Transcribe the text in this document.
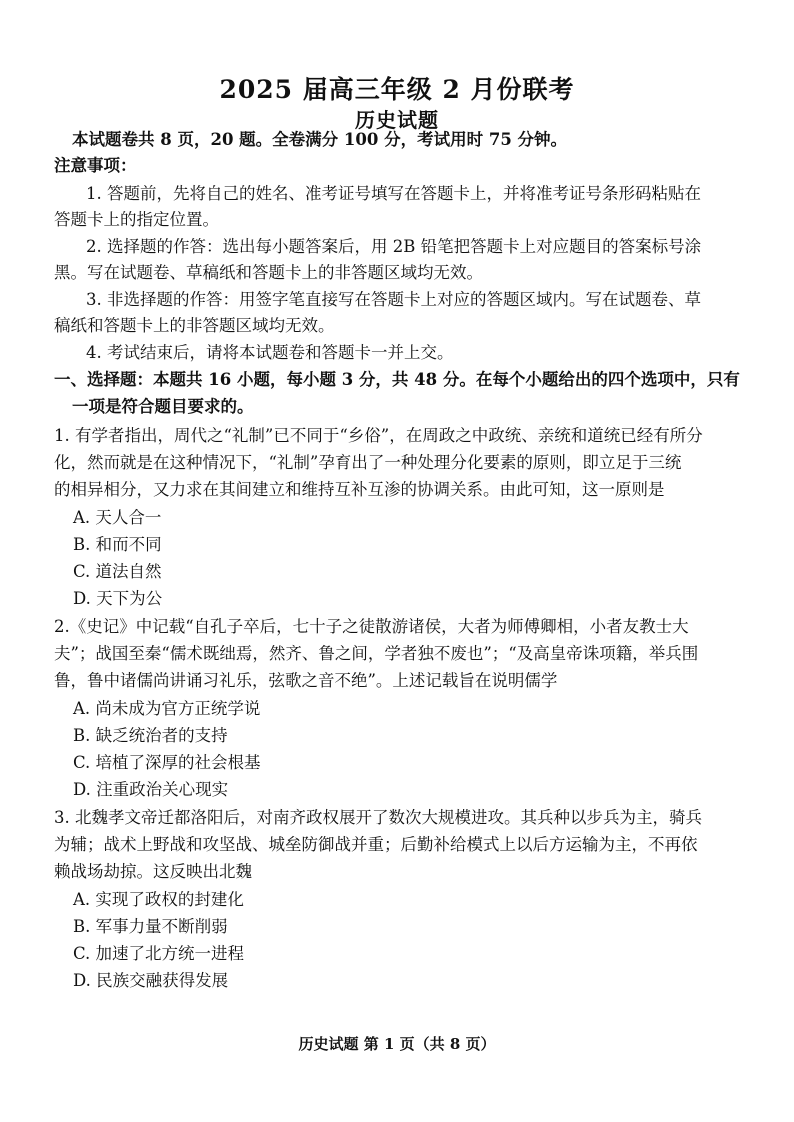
2025 届高三年级 2 月份联考
历史试题
本试题卷共 8 页，20 题。全卷满分 100 分，考试用时 75 分钟。
注意事项：
1. 答题前，先将自己的姓名、准考证号填写在答题卡上，并将准考证号条形码粘贴在
答题卡上的指定位置。
2. 选择题的作答：选出每小题答案后，用 2B 铅笔把答题卡上对应题目的答案标号涂
黑。写在试题卷、草稿纸和答题卡上的非答题区域均无效。
3. 非选择题的作答：用签字笔直接写在答题卡上对应的答题区域内。写在试题卷、草
稿纸和答题卡上的非答题区域均无效。
4. 考试结束后，请将本试题卷和答题卡一并上交。
一、选择题：本题共 16 小题，每小题 3 分，共 48 分。在每个小题给出的四个选项中，只有
一项是符合题目要求的。
1. 有学者指出，周代之“礼制”已不同于“乡俗”，在周政之中政统、亲统和道统已经有所分
化，然而就是在这种情况下，“礼制”孕育出了一种处理分化要素的原则，即立足于三统
的相异相分，又力求在其间建立和维持互补互渗的协调关系。由此可知，这一原则是
A. 天人合一
B. 和而不同
C. 道法自然
D. 天下为公
2.《史记》中记载“自孔子卒后，七十子之徒散游诸侯，大者为师傅卿相，小者友教士大
夫”；战国至秦“儒术既绌焉，然齐、鲁之间，学者独不废也”；“及高皇帝诛项籍，举兵围
鲁，鲁中诸儒尚讲诵习礼乐，弦歌之音不绝”。上述记载旨在说明儒学
A. 尚未成为官方正统学说
B. 缺乏统治者的支持
C. 培植了深厚的社会根基
D. 注重政治关心现实
3. 北魏孝文帝迁都洛阳后，对南齐政权展开了数次大规模进攻。其兵种以步兵为主，骑兵
为辅；战术上野战和攻坚战、城垒防御战并重；后勤补给模式上以后方运输为主，不再依
赖战场劫掠。这反映出北魏
A. 实现了政权的封建化
B. 军事力量不断削弱
C. 加速了北方统一进程
D. 民族交融获得发展
历史试题 第 1 页（共 8 页）
